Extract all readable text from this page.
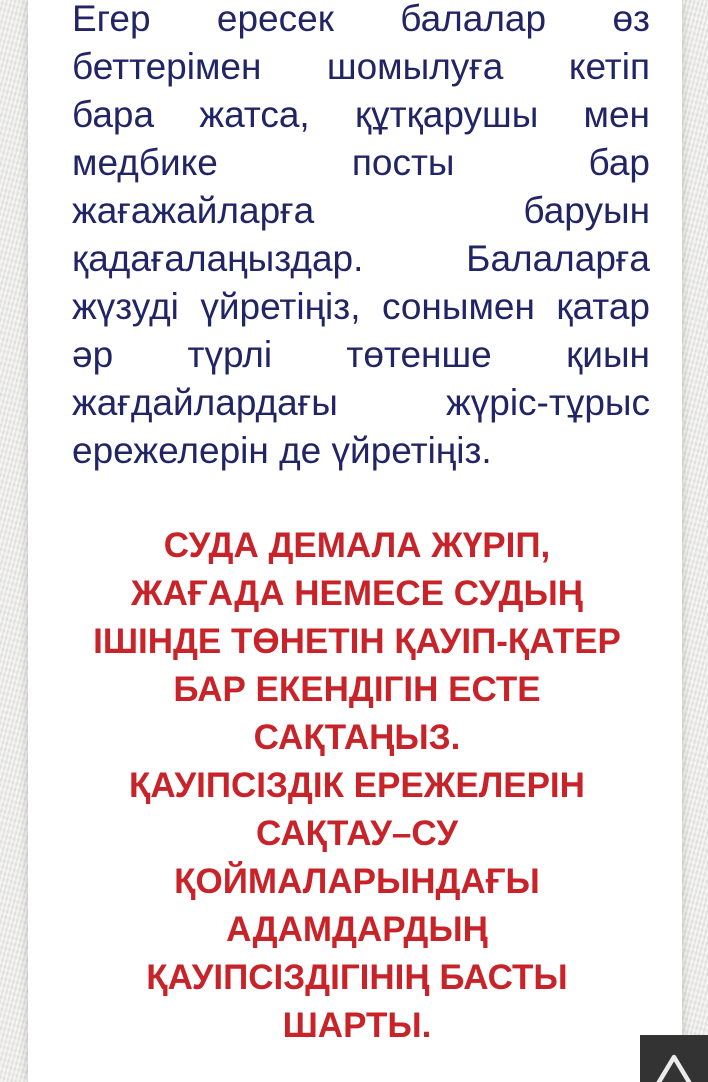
Егер ересек балалар өз
беттерімен шомылуға кетіп
бара жатса, құтқарушы мен
медбике	посты	бар
жағажайларға	баруын
қадағалаңыздар.	Балаларға
жүзуді үйретіңіз, сонымен қатар
әр түрлі төтенше қиын
жағдайлардағы	жүріс-тұрыс
ережелерін де үйретіңіз.
СУДА ДЕМАЛА ЖҮРІП,
ЖАҒАДА НЕМЕСЕ СУДЫҢ
ІШІНДЕ ТӨНЕТІН ҚАУІП-ҚАТЕР
БАР ЕКЕНДІГІН ЕСТЕ
САҚТАҢЫЗ.
ҚАУІПСІЗДІК ЕРЕЖЕЛЕРІН
САҚТАУ–СУ
ҚОЙМАЛАРЫНДАҒЫ
АДАМДАРДЫҢ
ҚАУІПСІЗДІГІНІҢ БАСТЫ
ШАРТЫ.
